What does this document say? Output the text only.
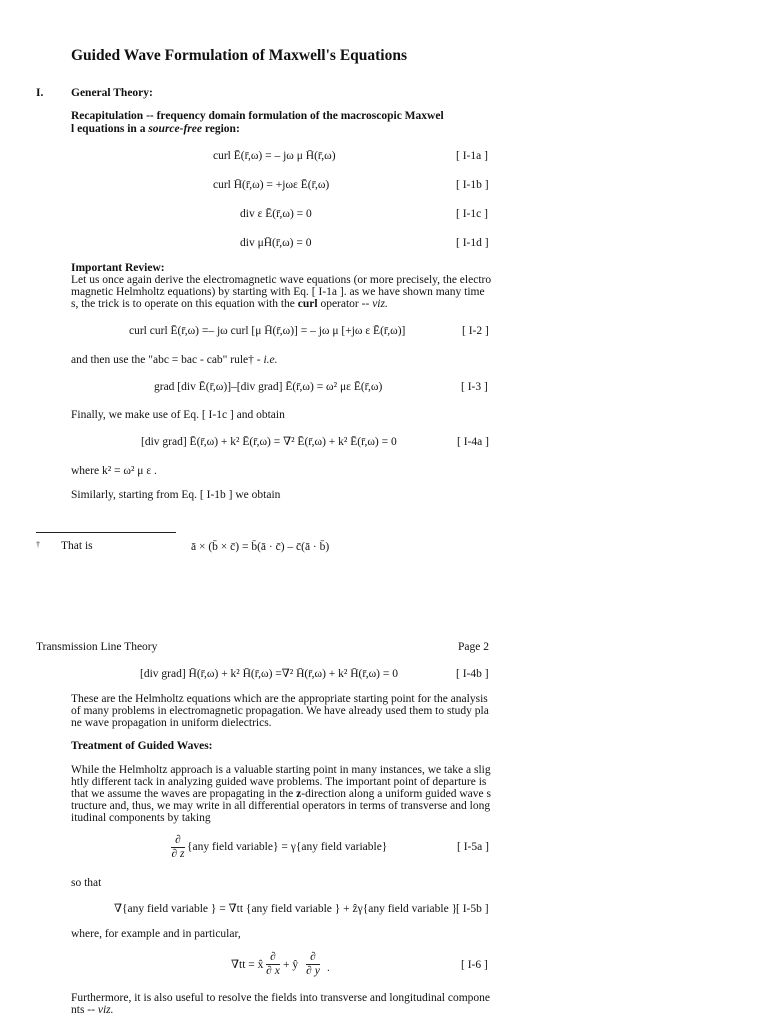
Guided Wave Formulation of Maxwell's Equations
I. General Theory:
Recapitulation -- frequency domain formulation of the macroscopic Maxwel
l equations in a source-free region:
curl Ē(r̄,ω) = – jω μ H̄(r̄,ω)	[ I-1a ]
curl H̄(r̄,ω) = +jωε Ē(r̄,ω)	[ I-1b ]
div ε Ē(r̄,ω) = 0	[ I-1c ]
div μH̄(r̄,ω) = 0	[ I-1d ]
Important Review:
Let us once again derive the electromagnetic wave equations (or more precisely, the electro
magnetic Helmholtz equations) by starting with Eq. [ I-1a ]. as we have shown many time
s, the trick is to operate on this equation with the curl operator -- viz.
curl curl Ē(r̄,ω) =– jω curl [μ H̄(r̄,ω)] = – jω μ [+jω ε Ē(r̄,ω)]	[ I-2 ]
and then use the "abc = bac - cab" rule† - i.e.
grad [div Ē(r̄,ω)]–[div grad] Ē(r̄,ω) = ω² με Ē(r̄,ω)	[ I-3 ]
Finally, we make use of Eq. [ I-1c ] and obtain
[div grad] Ē(r̄,ω) + k² Ē(r̄,ω) = ∇² Ē(r̄,ω) + k² Ē(r̄,ω) = 0	[ I-4a ]
where k² = ω² μ ε .
Similarly, starting from Eq. [ I-1b ] we obtain
† That is	ā × (b̄ × c̄) = b̄(ā · c̄) – c̄(ā · b̄)
Transmission Line Theory	Page 2
[div grad] H̄(r̄,ω) + k² H̄(r̄,ω) =∇² H̄(r̄,ω) + k² H̄(r̄,ω) = 0	[ I-4b ]
These are the Helmholtz equations which are the appropriate starting point for the analysis
of many problems in electromagnetic propagation. We have already used them to study pla
ne wave propagation in uniform dielectrics.
Treatment of Guided Waves:
While the Helmholtz approach is a valuable starting point in many instances, we take a slig
htly different tack in analyzing guided wave problems. The important point of departure is
that we assume the waves are propagating in the z-direction along a uniform guided wave s
tructure and, thus, we may write in all differential operators in terms of transverse and long
itudinal components by taking
∂
∂ z
{any field variable} = γ{any field variable}	[ I-5a ]
so that
∇̄{any field variable } = ∇̄tt {any field variable } + ẑγ{any field variable }
[ I-5b ]
where, for example and in particular,
∇̄tt = x̂
∂
∂ x + ŷ
∂
∂ y .	[ I-6 ]
Furthermore, it is also useful to resolve the fields into transverse and longitudinal compone
nts -- viz.
